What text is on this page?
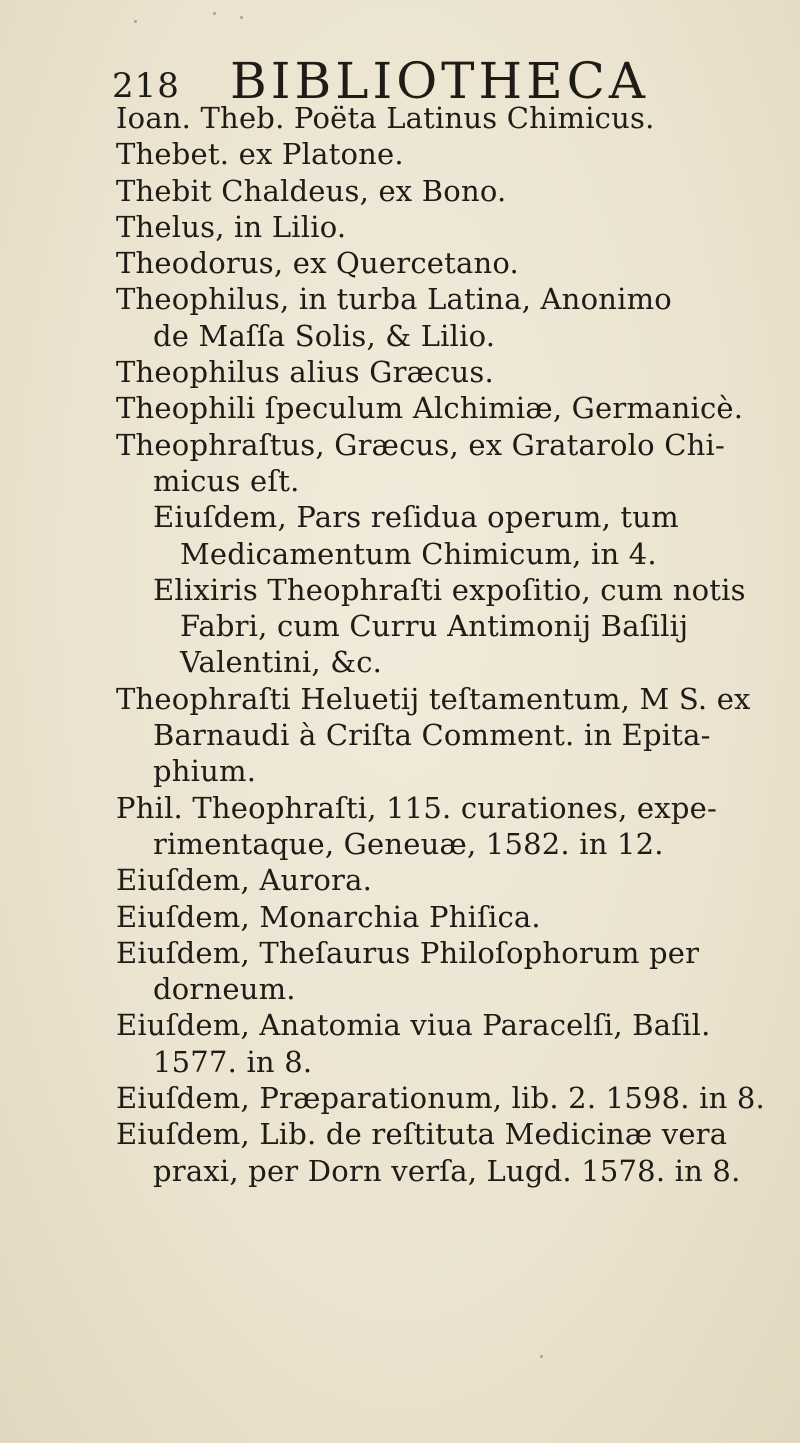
218 BIBLIOTHECA
Ioan. Theb. Poëta Latinus Chimicus.
Thebet. ex Platone.
Thebit Chaldeus, ex Bono.
Thelus, in Lilio.
Theodorus, ex Quercetano.
Theophilus, in turba Latina, Anonimo
de Maſſa Solis, & Lilio.
Theophilus alius Græcus.
Theophili ſpeculum Alchimiæ, Germanicè.
Theophraſtus, Græcus, ex Gratarolo Chi-
micus eſt.
Eiuſdem, Pars reſidua operum, tum
Medicamentum Chimicum, in 4.
Elixiris Theophraſti expoſitio, cum notis
Fabri, cum Curru Antimonij Baſilij
Valentini, &c.
Theophraſti Heluetij teſtamentum, M S. ex
Barnaudi à Criſta Comment. in Epita-
phium.
Phil. Theophraſti, 115. curationes, expe-
rimentaque, Geneuæ, 1582. in 12.
Eiuſdem, Aurora.
Eiuſdem, Monarchia Phiſica.
Eiuſdem, Theſaurus Philoſophorum per
dorneum.
Eiuſdem, Anatomia viua Paracelſi, Baſil.
1577. in 8.
Eiuſdem, Præparationum, lib. 2. 1598. in 8.
Eiuſdem, Lib. de reſtituta Medicinæ vera
praxi, per Dorn verſa, Lugd. 1578. in 8.
